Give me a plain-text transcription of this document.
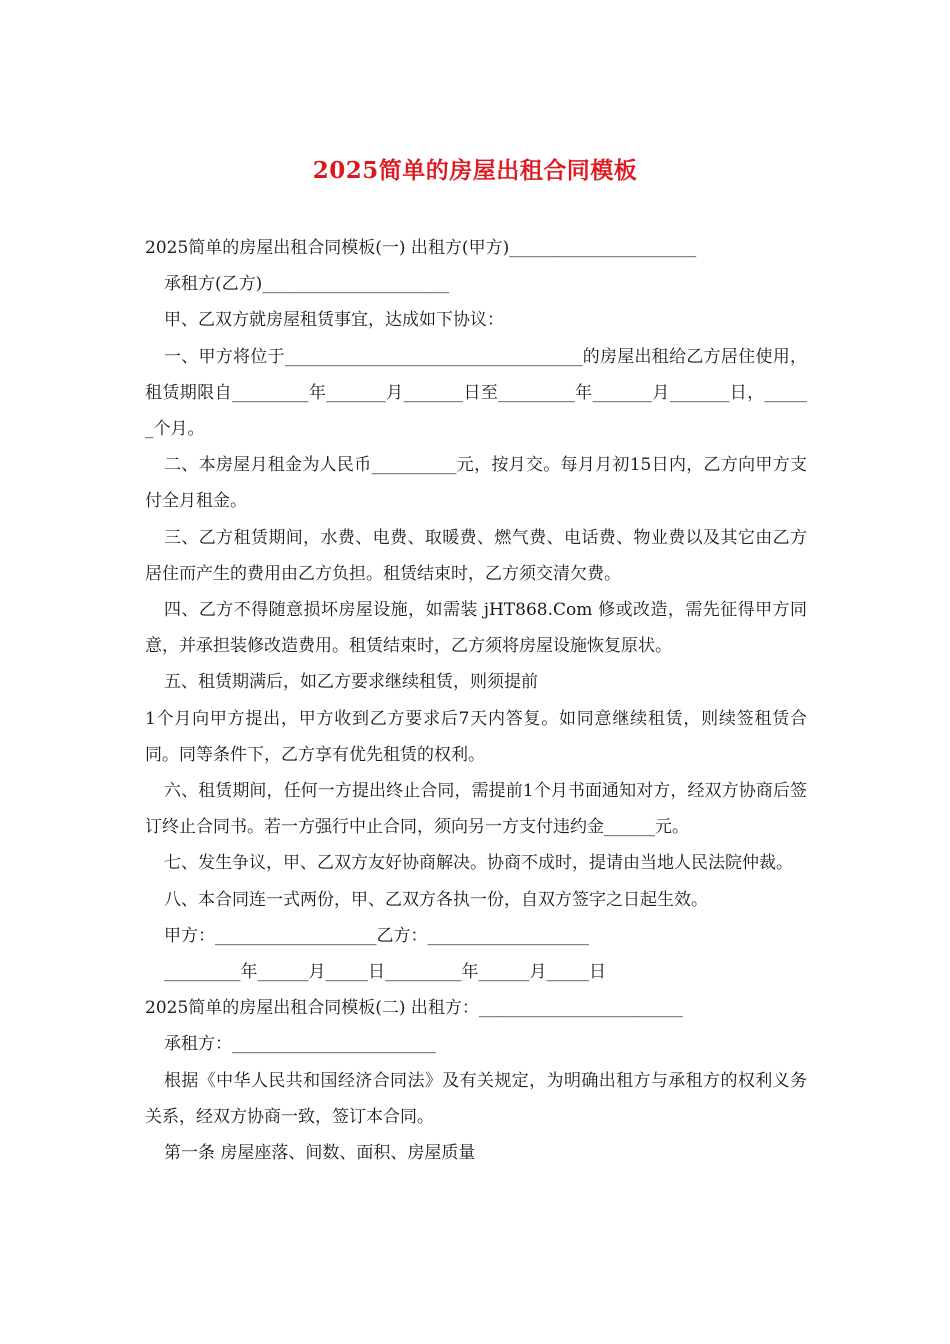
2025简单的房屋出租合同模板

2025简单的房屋出租合同模板(一) 出租方(甲方)______________________

承租方(乙方)______________________

甲、乙双方就房屋租赁事宜，达成如下协议：

一、甲方将位于___________________________________的房屋出租给乙方居住使用，租赁期限自_________年_______月_______日至_________年_______月_______日，______个月。

二、本房屋月租金为人民币__________元，按月交。每月月初15日内，乙方向甲方支付全月租金。

三、乙方租赁期间，水费、电费、取暖费、燃气费、电话费、物业费以及其它由乙方居住而产生的费用由乙方负担。租赁结束时，乙方须交清欠费。

四、乙方不得随意损坏房屋设施，如需装 jHT868.Com 修或改造，需先征得甲方同意，并承担装修改造费用。租赁结束时，乙方须将房屋设施恢复原状。

五、租赁期满后，如乙方要求继续租赁，则须提前

1个月向甲方提出，甲方收到乙方要求后7天内答复。如同意继续租赁，则续签租赁合同。同等条件下，乙方享有优先租赁的权利。

六、租赁期间，任何一方提出终止合同，需提前1个月书面通知对方，经双方协商后签订终止合同书。若一方强行中止合同，须向另一方支付违约金______元。

七、发生争议，甲、乙双方友好协商解决。协商不成时，提请由当地人民法院仲裁。

八、本合同连一式两份，甲、乙双方各执一份，自双方签字之日起生效。

甲方：___________________乙方：___________________

_________年______月_____日_________年______月_____日

2025简单的房屋出租合同模板(二) 出租方：________________________

承租方：________________________

根据《中华人民共和国经济合同法》及有关规定，为明确出租方与承租方的权利义务关系，经双方协商一致，签订本合同。

第一条 房屋座落、间数、面积、房屋质量
